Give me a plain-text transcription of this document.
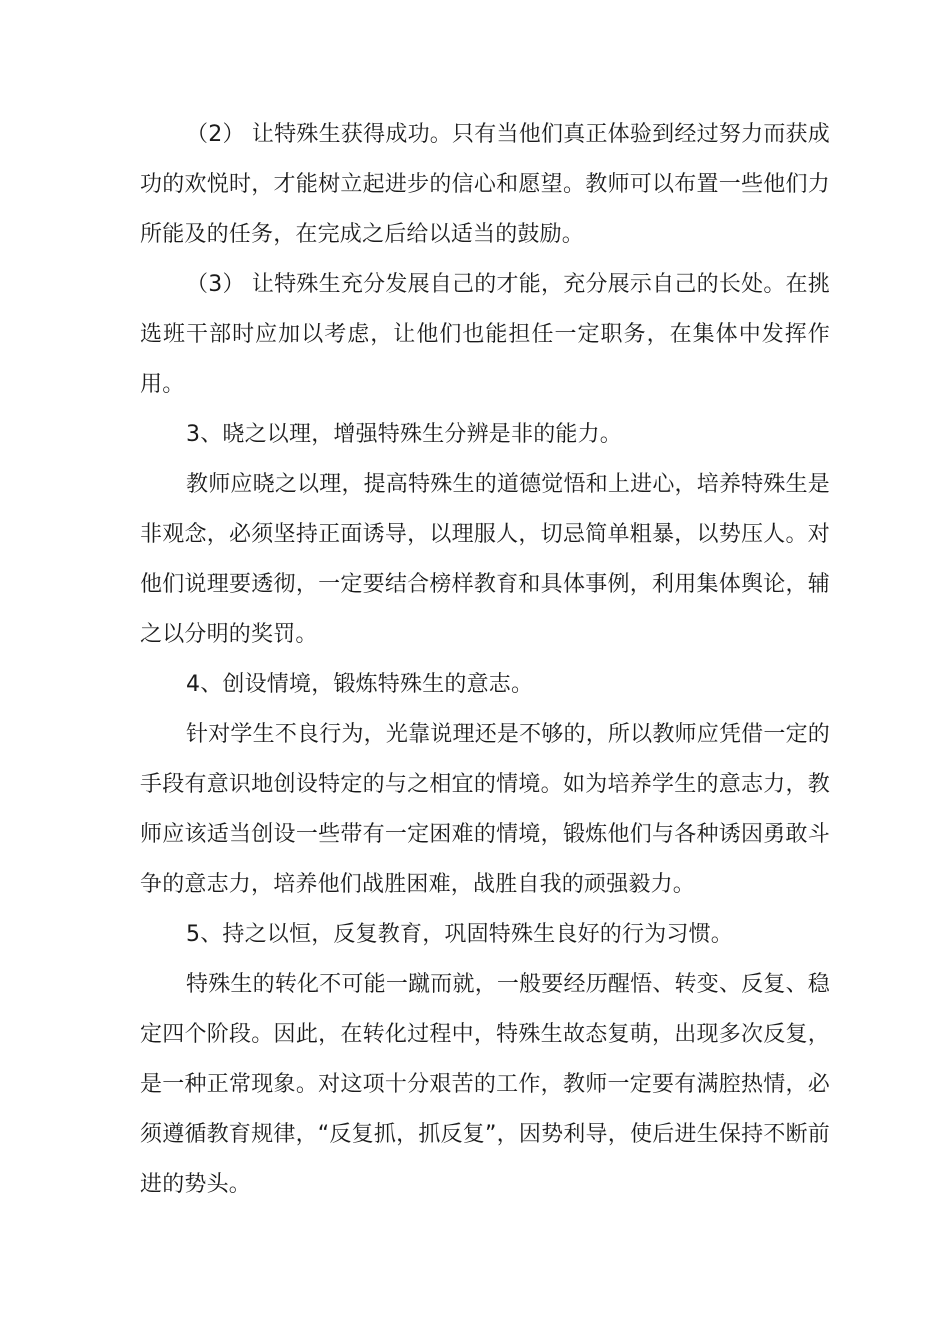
（2） 让特殊生获得成功。只有当他们真正体验到经过努力而获成功的欢悦时，才能树立起进步的信心和愿望。教师可以布置一些他们力所能及的任务，在完成之后给以适当的鼓励。

（3） 让特殊生充分发展自己的才能，充分展示自己的长处。在挑选班干部时应加以考虑，让他们也能担任一定职务，在集体中发挥作用。

3、晓之以理，增强特殊生分辨是非的能力。

教师应晓之以理，提高特殊生的道德觉悟和上进心，培养特殊生是非观念，必须坚持正面诱导，以理服人，切忌简单粗暴，以势压人。对他们说理要透彻，一定要结合榜样教育和具体事例，利用集体舆论，辅之以分明的奖罚。

4、创设情境，锻炼特殊生的意志。

针对学生不良行为，光靠说理还是不够的，所以教师应凭借一定的手段有意识地创设特定的与之相宜的情境。如为培养学生的意志力，教师应该适当创设一些带有一定困难的情境，锻炼他们与各种诱因勇敢斗争的意志力，培养他们战胜困难，战胜自我的顽强毅力。

5、持之以恒，反复教育，巩固特殊生良好的行为习惯。

特殊生的转化不可能一蹴而就，一般要经历醒悟、转变、反复、稳定四个阶段。因此，在转化过程中，特殊生故态复萌，出现多次反复，是一种正常现象。对这项十分艰苦的工作，教师一定要有满腔热情，必须遵循教育规律，“反复抓，抓反复”，因势利导，使后进生保持不断前进的势头。
